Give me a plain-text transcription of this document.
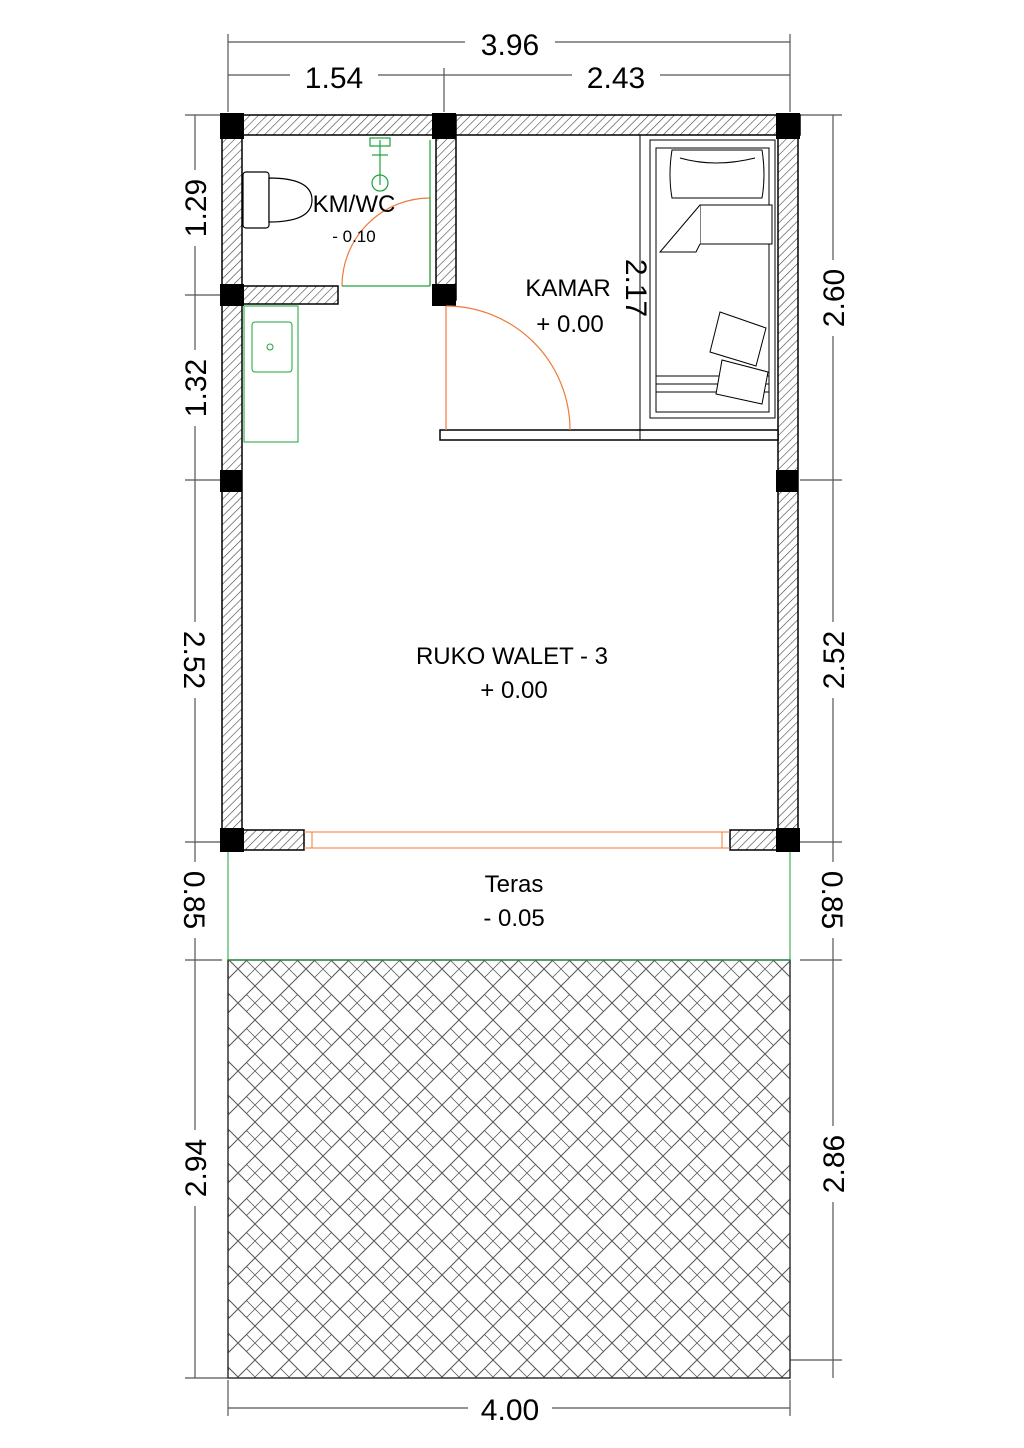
3.96
1.54	2.43
4.00
1.29
1.32
2.52
0.85
2.94
2.60
2.52
0.85
2.86
2.17
KM/WC
- 0.10
KAMAR
+ 0.00
RUKO WALET - 3
+ 0.00
Teras
- 0.05
